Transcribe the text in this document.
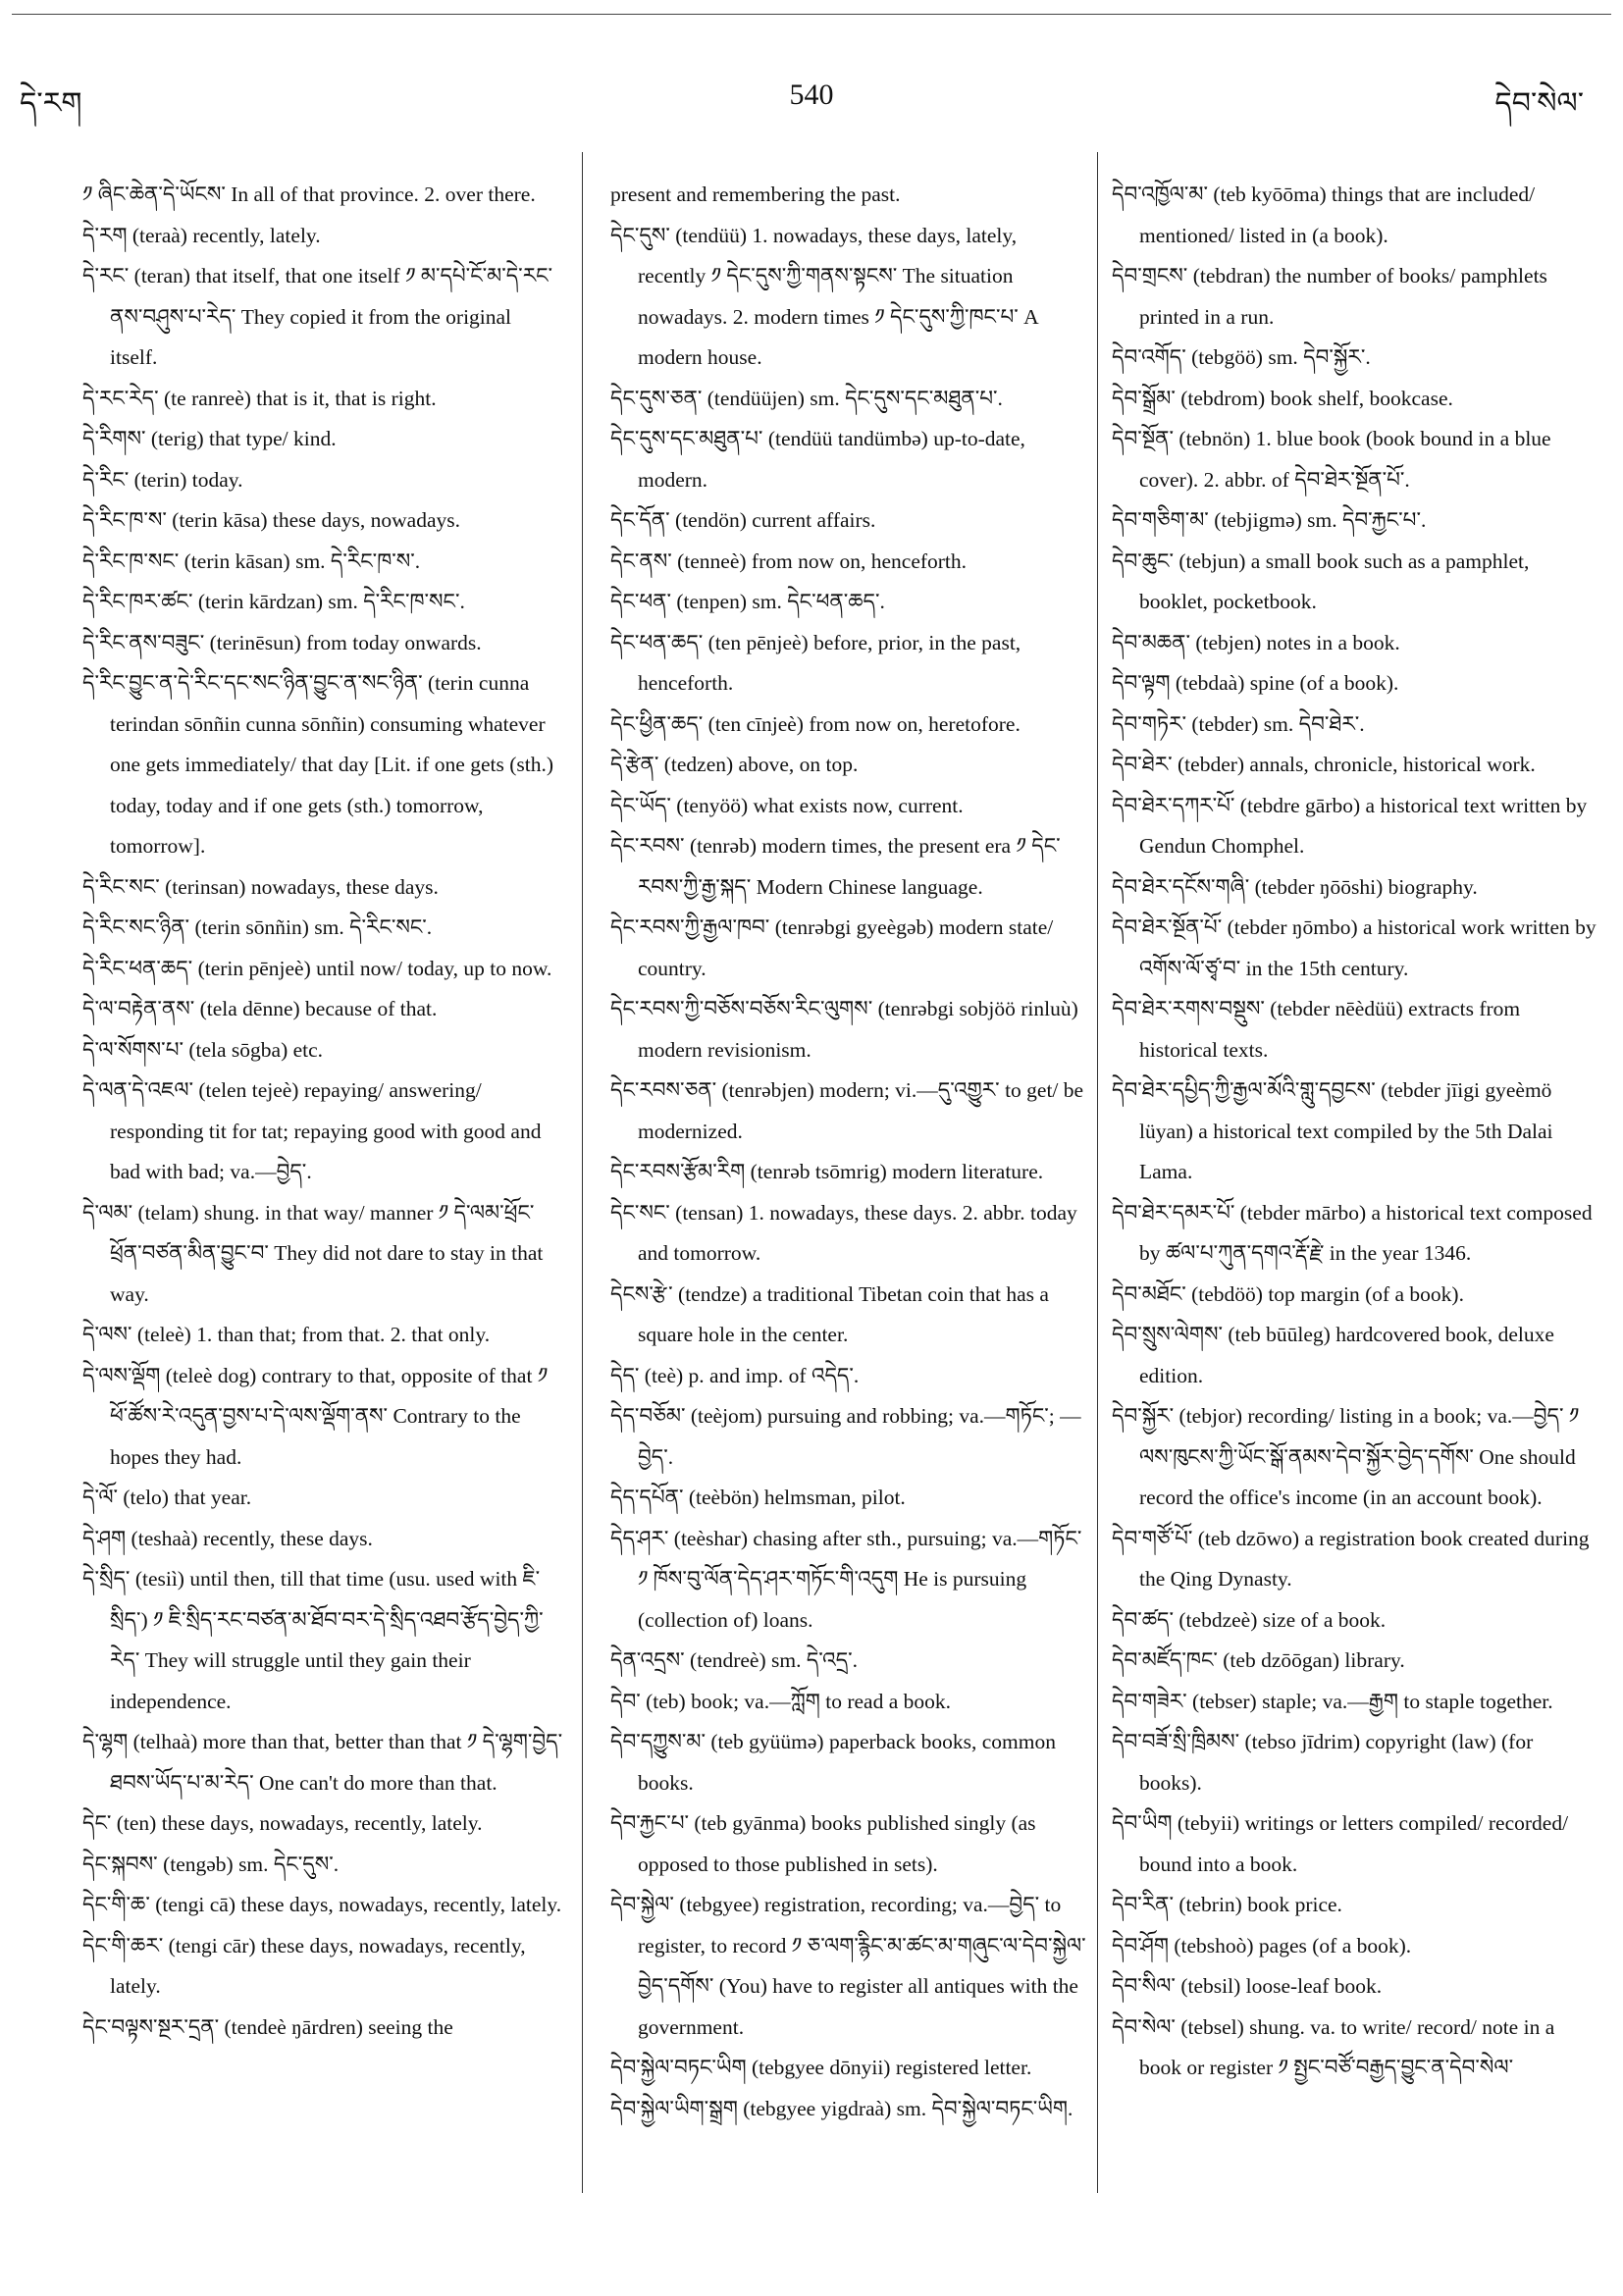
དེ་རག	540	དེབ་སེལ་

༡ ཞིང་ཆེན་དེ་ཡོངས་ In all of that province. 2. over there.

དེ་རག (teraà) recently, lately.

དེ་རང་ (teran) that itself, that one itself ༡ མ་དཔེ་ངོ་མ་དེ་རང་ནས་བཤུས་པ་རེད་ They copied it from the original itself.

དེ་རང་རེད་ (te ranreè) that is it, that is right.

དེ་རིགས་ (terig) that type/ kind.

དེ་རིང་ (terin) today.

དེ་རིང་ཁ་ས་ (terin kāsa) these days, nowadays.

དེ་རིང་ཁ་སང་ (terin kāsan) sm. དེ་རིང་ཁ་ས་.

དེ་རིང་ཁར་ཚང་ (terin kārdzan) sm. དེ་རིང་ཁ་སང་.

དེ་རིང་ནས་བཟུང་ (terinēsun) from today onwards.

དེ་རིང་བྱུང་ན་དེ་རིང་དང་སང་ཉིན་བྱུང་ན་སང་ཉིན་ (terin cunna terindan sōnñin cunna sōnñin) consuming whatever one gets immediately/ that day [Lit. if one gets (sth.) today, today and if one gets (sth.) tomorrow, tomorrow].

དེ་རིང་སང་ (terinsan) nowadays, these days.

དེ་རིང་སང་ཉིན་ (terin sōnñin) sm. དེ་རིང་སང་.

དེ་རིང་ཕན་ཆད་ (terin pēnjeè) until now/ today, up to now.

དེ་ལ་བརྟེན་ནས་ (tela dēnne) because of that.

དེ་ལ་སོགས་པ་ (tela sōgba) etc.

དེ་ལན་དེ་འཇལ་ (telen tejeè) repaying/ answering/ responding tit for tat; repaying good with good and bad with bad; va.—བྱེད་.

དེ་ལམ་ (telam) shung. in that way/ manner ༡ དེ་ལམ་ཕྲོང་ཕྲོན་བཙན་མིན་བྱུང་བ་ They did not dare to stay in that way.

དེ་ལས་ (teleè) 1. than that; from that. 2. that only.

དེ་ལས་ལྡོག (teleè dog) contrary to that, opposite of that ༡ ཕོ་ཚོས་རེ་འདུན་བྱས་པ་དེ་ལས་ལྡོག་ནས་ Contrary to the hopes they had.

དེ་ལོ་ (telo) that year.

དེ་ཤག (teshaà) recently, these days.

དེ་སྲིད་ (tesiì) until then, till that time (usu. used with ཇི་སྲིད་) ༡ ཇི་སྲིད་རང་བཙན་མ་ཐོབ་བར་དེ་སྲིད་འཐབ་རྩོད་བྱེད་ཀྱི་རེད་ They will struggle until they gain their independence.

དེ་ལྷག (telhaà) more than that, better than that ༡ དེ་ལྷག་བྱེད་ཐབས་ཡོད་པ་མ་རེད་ One can't do more than that.

དེང་ (ten) these days, nowadays, recently, lately.

དེང་སྐབས་ (tengəb) sm. དེང་དུས་.

དེང་གི་ཆ་ (tengi cā) these days, nowadays, recently, lately.

དེང་གི་ཆར་ (tengi cār) these days, nowadays, recently, lately.

དེང་བལྟས་སྔར་དྲན་ (tendeè ŋārdren) seeing the

present and remembering the past.

དེང་དུས་ (tendüü) 1. nowadays, these days, lately, recently ༡ དེང་དུས་ཀྱི་གནས་སྟངས་ The situation nowadays. 2. modern times ༡ དེང་དུས་ཀྱི་ཁང་པ་ A modern house.

དེང་དུས་ཅན་ (tendüüjen) sm. དེང་དུས་དང་མཐུན་པ་.

དེང་དུས་དང་མཐུན་པ་ (tendüü tandümbə) up-to-date, modern.

དེང་དོན་ (tendön) current affairs.

དེང་ནས་ (tenneè) from now on, henceforth.

དེང་ཕན་ (tenpen) sm. དེང་ཕན་ཆད་.

དེང་ཕན་ཆད་ (ten pēnjeè) before, prior, in the past, henceforth.

དེང་ཕྱིན་ཆད་ (ten cīnjeè) from now on, heretofore.

དེ་རྩེན་ (tedzen) above, on top.

དེང་ཡོད་ (tenyöö) what exists now, current.

དེང་རབས་ (tenrəb) modern times, the present era ༡ དེང་རབས་ཀྱི་རྒྱ་སྐད་ Modern Chinese language.

དེང་རབས་ཀྱི་རྒྱལ་ཁབ་ (tenrəbgi gyeègəb) modern state/ country.

དེང་རབས་ཀྱི་བཅོས་བཅོས་རིང་ལུགས་ (tenrəbgi sobjöö rinluù) modern revisionism.

དེང་རབས་ཅན་ (tenrəbjen) modern; vi.—དུ་འགྱུར་ to get/ be modernized.

དེང་རབས་རྩོམ་རིག (tenrəb tsōmrig) modern literature.

དེང་སང་ (tensan) 1. nowadays, these days. 2. abbr. today and tomorrow.

དེངས་རྩེ་ (tendze) a traditional Tibetan coin that has a square hole in the center.

དེད་ (teè) p. and imp. of འདེད་.

དེད་བཅོམ་ (teèjom) pursuing and robbing; va.—གཏོང་; —བྱེད་.

དེད་དཔོན་ (teèbön) helmsman, pilot.

དེད་ཤར་ (teèshar) chasing after sth., pursuing; va.—གཏོང་ ༡ ཁོས་བུ་ལོན་དེད་ཤར་གཏོང་གི་འདུག He is pursuing (collection of) loans.

དེན་འདྲས་ (tendreè) sm. དེ་འདྲ་.

དེབ་ (teb) book; va.—ཀློག to read a book.

དེབ་དཀྱུས་མ་ (teb gyüümə) paperback books, common books.

དེབ་རྐྱང་པ་ (teb gyānma) books published singly (as opposed to those published in sets).

དེབ་སྐྱེལ་ (tebgyee) registration, recording; va.—བྱེད་ to register, to record ༡ ཅ་ལག་རྙིང་མ་ཚང་མ་གཞུང་ལ་དེབ་སྐྱེལ་བྱེད་དགོས་ (You) have to register all antiques with the government.

དེབ་སྐྱེལ་བཏང་ཡིག (tebgyee dōnyii) registered letter.

དེབ་སྐྱེལ་ཡིག་སྒྲག (tebgyee yigdraà) sm. དེབ་སྐྱེལ་བཏང་ཡིག.

དེབ་འཁྱོལ་མ་ (teb kyōōma) things that are included/ mentioned/ listed in (a book).

དེབ་གྲངས་ (tebdran) the number of books/ pamphlets printed in a run.

དེབ་འགོད་ (tebgöö) sm. དེབ་སྐྱོར་.

དེབ་སྒྲོམ་ (tebdrom) book shelf, bookcase.

དེབ་སྔོན་ (tebnön) 1. blue book (book bound in a blue cover). 2. abbr. of དེབ་ཐེར་སྔོན་པོ་.

དེབ་གཅིག་མ་ (tebjigmə) sm. དེབ་རྐྱང་པ་.

དེབ་ཆུང་ (tebjun) a small book such as a pamphlet, booklet, pocketbook.

དེབ་མཆན་ (tebjen) notes in a book.

དེབ་ལྟག (tebdaà) spine (of a book).

དེབ་གཏེར་ (tebder) sm. དེབ་ཐེར་.

དེབ་ཐེར་ (tebder) annals, chronicle, historical work.

དེབ་ཐེར་དཀར་པོ་ (tebdre gārbo) a historical text written by Gendun Chomphel.

དེབ་ཐེར་དངོས་གཞི་ (tebder ŋōōshi) biography.

དེབ་ཐེར་སྔོན་པོ་ (tebder ŋōmbo) a historical work written by འགོས་ལོ་ཙྭ་བ་ in the 15th century.

དེབ་ཐེར་རགས་བསྡུས་ (tebder nēèdüü) extracts from historical texts.

དེབ་ཐེར་དཔྱིད་ཀྱི་རྒྱལ་མོའི་གླུ་དབྱངས་ (tebder jīigi gyeèmö lüyan) a historical text compiled by the 5th Dalai Lama.

དེབ་ཐེར་དམར་པོ་ (tebder mārbo) a historical text composed by ཚལ་པ་ཀུན་དགའ་རྡོ་རྗེ་ in the year 1346.

དེབ་མཐོང་ (tebdöö) top margin (of a book).

དེབ་སྲུས་ལེགས་ (teb būūleg) hardcovered book, deluxe edition.

དེབ་སྐྱོར་ (tebjor) recording/ listing in a book; va.—བྱེད་ ༡ ལས་ཁུངས་ཀྱི་ཡོང་སྒོ་ནམས་དེབ་སྐྱོར་བྱེད་དགོས་ One should record the office's income (in an account book).

དེབ་གཙོ་པོ་ (teb dzōwo) a registration book created during the Qing Dynasty.

དེབ་ཚད་ (tebdzeè) size of a book.

དེབ་མཛོད་ཁང་ (teb dzōōgan) library.

དེབ་གཟེར་ (tebser) staple; va.—རྒྱག to staple together.

དེབ་བཟོ་སྲི་ཁྲིམས་ (tebso jīdrim) copyright (law) (for books).

དེབ་ཡིག (tebyii) writings or letters compiled/ recorded/ bound into a book.

དེབ་རིན་ (tebrin) book price.

དེབ་ཤོག (tebshoò) pages (of a book).

དེབ་སིལ་ (tebsil) loose-leaf book.

དེབ་སེལ་ (tebsel) shung. va. to write/ record/ note in a book or register ༡ སྤྱང་བཙོ་བརྒྱད་བྱུང་ན་དེབ་སེལ་
